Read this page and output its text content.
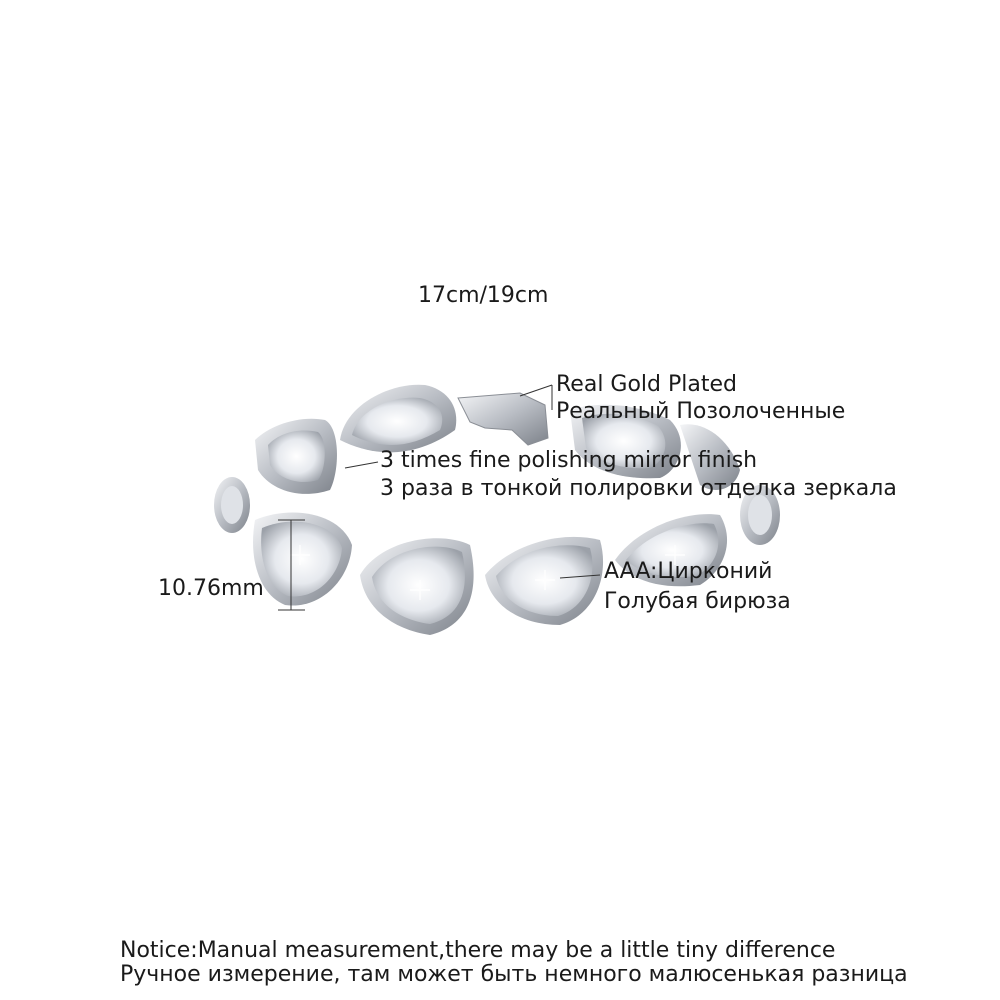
17cm/19cm
Real Gold Plated
Реальный Позолоченные
3 times fine polishing mirror finish
3 раза в тонкой полировки отделка зеркала
AAA:Цирконий
Голубая бирюза
10.76mm
Notice:Manual measurement,there may be a little tiny difference
Ручное измерение, там может быть немного малюсенькая разница
